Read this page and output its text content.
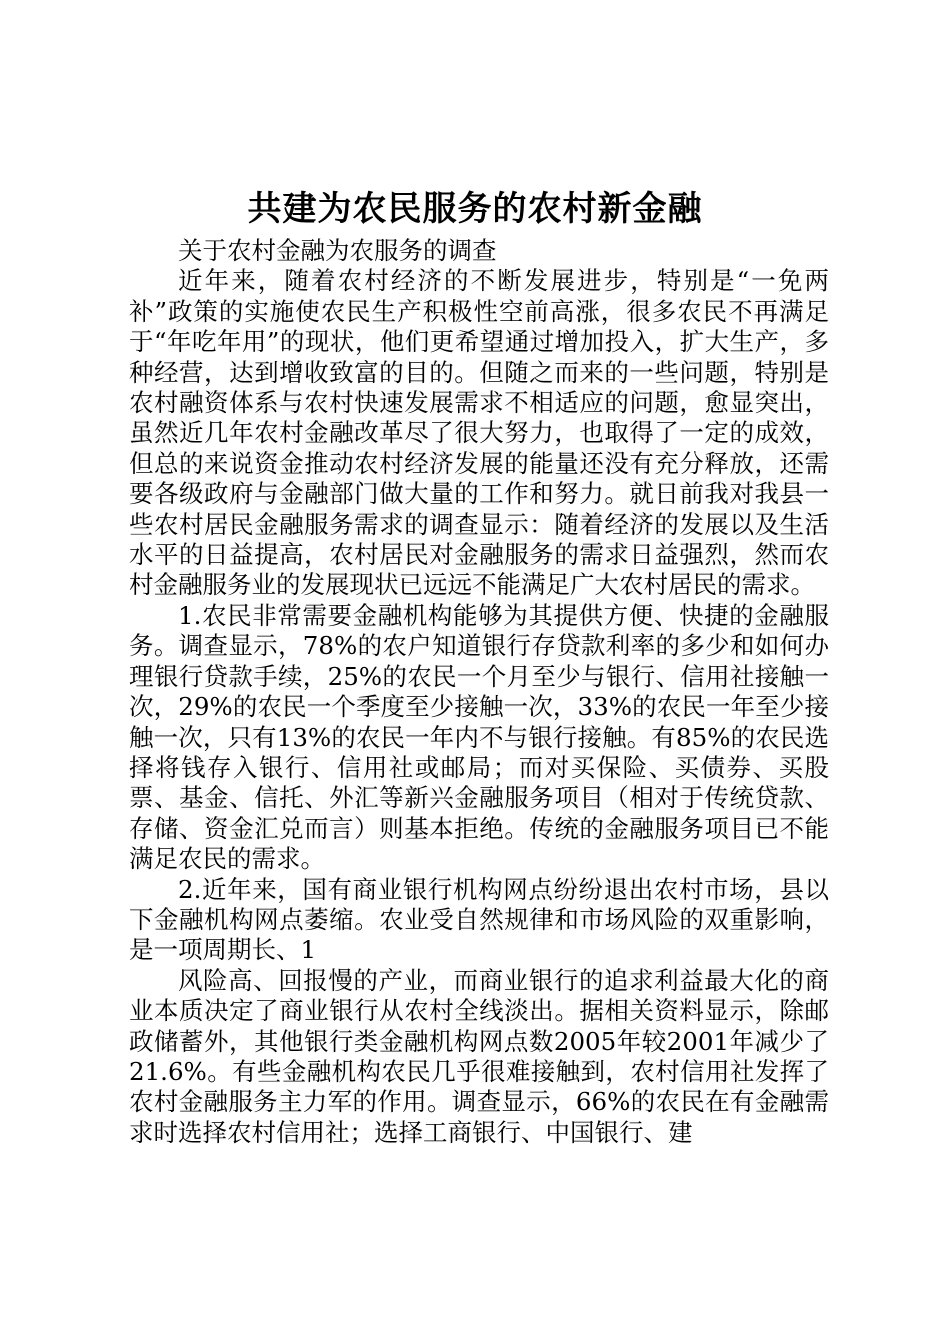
共建为农民服务的农村新金融

关于农村金融为农服务的调查

近年来，随着农村经济的不断发展进步，特别是“一免两补”政策的实施使农民生产积极性空前高涨，很多农民不再满足于“年吃年用”的现状，他们更希望通过增加投入，扩大生产，多种经营，达到增收致富的目的。但随之而来的一些问题，特别是农村融资体系与农村快速发展需求不相适应的问题，愈显突出，虽然近几年农村金融改革尽了很大努力，也取得了一定的成效，但总的来说资金推动农村经济发展的能量还没有充分释放，还需要各级政府与金融部门做大量的工作和努力。就日前我对我县一些农村居民金融服务需求的调查显示：随着经济的发展以及生活水平的日益提高，农村居民对金融服务的需求日益强烈，然而农村金融服务业的发展现状已远远不能满足广大农村居民的需求。

1.农民非常需要金融机构能够为其提供方便、快捷的金融服务。调查显示，78%的农户知道银行存贷款利率的多少和如何办理银行贷款手续，25%的农民一个月至少与银行、信用社接触一次，29%的农民一个季度至少接触一次，33%的农民一年至少接触一次，只有13%的农民一年内不与银行接触。有85%的农民选择将钱存入银行、信用社或邮局；而对买保险、买债券、买股票、基金、信托、外汇等新兴金融服务项目（相对于传统贷款、存储、资金汇兑而言）则基本拒绝。传统的金融服务项目已不能满足农民的需求。

2.近年来，国有商业银行机构网点纷纷退出农村市场，县以下金融机构网点萎缩。农业受自然规律和市场风险的双重影响，是一项周期长、1

风险高、回报慢的产业，而商业银行的追求利益最大化的商业本质决定了商业银行从农村全线淡出。据相关资料显示，除邮政储蓄外，其他银行类金融机构网点数2005年较2001年减少了21.6%。有些金融机构农民几乎很难接触到，农村信用社发挥了农村金融服务主力军的作用。调查显示，66%的农民在有金融需求时选择农村信用社；选择工商银行、中国银行、建
